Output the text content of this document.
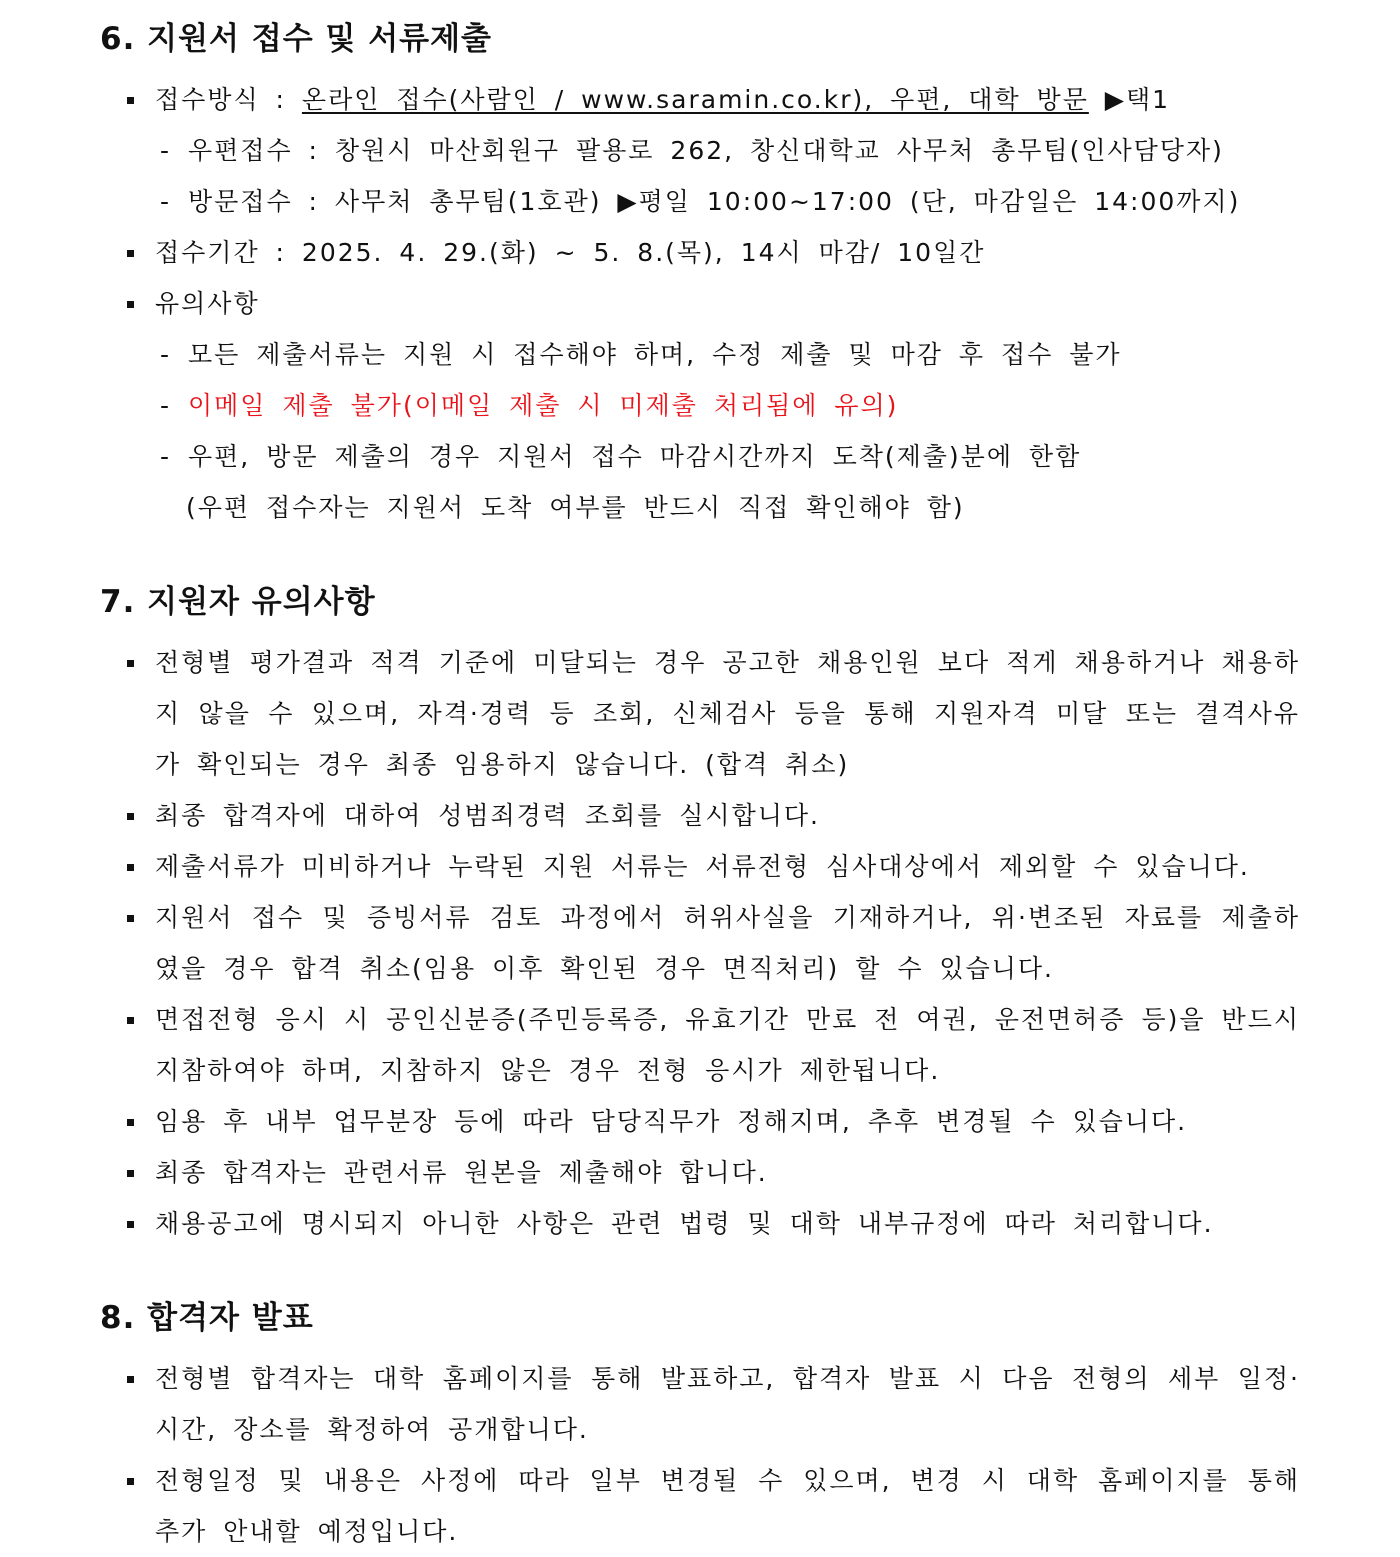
6. 지원서 접수 및 서류제출
접수방식 : 온라인 접수(사람인 / www.saramin.co.kr), 우편, 대학 방문 ▶택1
- 우편접수 : 창원시 마산회원구 팔용로 262, 창신대학교 사무처 총무팀(인사담당자)
- 방문접수 : 사무처 총무팀(1호관) ▶평일 10:00~17:00 (단, 마감일은 14:00까지)
접수기간 : 2025. 4. 29.(화) ~ 5. 8.(목), 14시 마감/ 10일간
유의사항
- 모든 제출서류는 지원 시 접수해야 하며, 수정 제출 및 마감 후 접수 불가
- 이메일 제출 불가(이메일 제출 시 미제출 처리됨에 유의)
- 우편, 방문 제출의 경우 지원서 접수 마감시간까지 도착(제출)분에 한함
(우편 접수자는 지원서 도착 여부를 반드시 직접 확인해야 함)
7. 지원자 유의사항
전형별 평가결과 적격 기준에 미달되는 경우 공고한 채용인원 보다 적게 채용하거나 채용하지 않을 수 있으며, 자격·경력 등 조회, 신체검사 등을 통해 지원자격 미달 또는 결격사유가 확인되는 경우 최종 임용하지 않습니다. (합격 취소)
최종 합격자에 대하여 성범죄경력 조회를 실시합니다.
제출서류가 미비하거나 누락된 지원 서류는 서류전형 심사대상에서 제외할 수 있습니다.
지원서 접수 및 증빙서류 검토 과정에서 허위사실을 기재하거나, 위·변조된 자료를 제출하였을 경우 합격 취소(임용 이후 확인된 경우 면직처리) 할 수 있습니다.
면접전형 응시 시 공인신분증(주민등록증, 유효기간 만료 전 여권, 운전면허증 등)을 반드시 지참하여야 하며, 지참하지 않은 경우 전형 응시가 제한됩니다.
임용 후 내부 업무분장 등에 따라 담당직무가 정해지며, 추후 변경될 수 있습니다.
최종 합격자는 관련서류 원본을 제출해야 합니다.
채용공고에 명시되지 아니한 사항은 관련 법령 및 대학 내부규정에 따라 처리합니다.
8. 합격자 발표
전형별 합격자는 대학 홈페이지를 통해 발표하고, 합격자 발표 시 다음 전형의 세부 일정·시간, 장소를 확정하여 공개합니다.
전형일정 및 내용은 사정에 따라 일부 변경될 수 있으며, 변경 시 대학 홈페이지를 통해 추가 안내할 예정입니다.
